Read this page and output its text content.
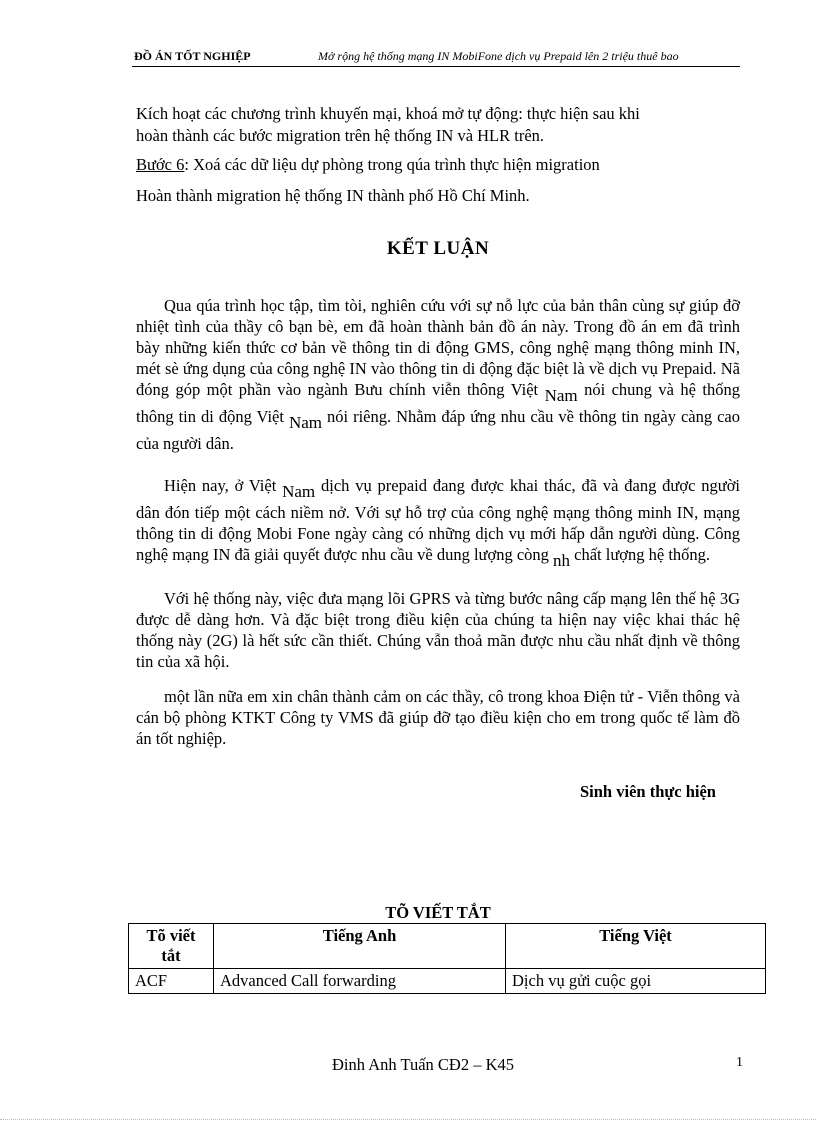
ĐỒ ÁN TỐT NGHIỆP	Mở rộng hệ thống mạng IN MobiFone dịch vụ Prepaid lên 2 triệu thuê bao
Kích hoạt các chương trình khuyến mại, khoá mở tự động: thực hiện sau khi
hoàn thành các bước migration trên hệ thống IN và HLR trên.
Bước 6: Xoá các dữ liệu dự phòng trong qúa trình thực hiện migration
Hoàn thành migration hệ thống IN thành phố Hồ Chí Minh.
KẾT LUẬN

Qua qúa trình học tập, tìm tòi, nghiên cứu với sự nỗ lực của bản thân cùng sự giúp đỡ nhiệt tình của thầy cô bạn bè, em đã hoàn thành bản đồ án này. Trong đồ án em đã trình bày những kiến thức cơ bản về thông tin di động GMS, công nghệ mạng thông minh IN, mét sè ứng dụng của công nghệ IN vào thông tin di động đặc biệt là về dịch vụ Prepaid. Nã đóng góp một phần vào ngành Bưu chính viễn thông Việt Nam nói chung và hệ thống thông tin di động Việt Nam nói riêng. Nhằm đáp ứng nhu cầu về thông tin ngày càng cao của người dân.

Hiện nay, ở Việt Nam dịch vụ prepaid đang được khai thác, đã và đang được người dân đón tiếp một cách niềm nở. Với sự hỗ trợ của công nghệ mạng thông minh IN, mạng thông tin di động Mobi Fone ngày càng có những dịch vụ mới hấp dẫn người dùng. Công nghệ mạng IN đã giải quyết được nhu cầu về dung lượng còng nh chất lượng hệ thống.

Với hệ thống này, việc đưa mạng lõi GPRS và từng bước nâng cấp mạng lên thế hệ 3G được dễ dàng hơn. Và đặc biệt trong điều kiện của chúng ta hiện nay việc khai thác hệ thống này (2G) là hết sức cần thiết. Chúng vẫn thoả mãn được nhu cầu nhất định về thông tin của xã hội.

một lần nữa em xin chân thành cảm on các thầy, cô trong khoa Điện tử - Viễn thông và cán bộ phòng KTKT Công ty VMS đã giúp đỡ tạo điều kiện cho em trong quốc tế làm đồ án tốt nghiệp.

Sinh viên thực hiện
TÕ VIẾT TẮT
Tõ viết tắt	Tiếng Anh	Tiếng Việt
ACF	Advanced Call forwarding	Dịch vụ gửi cuộc gọi
Đinh Anh Tuấn CĐ2 – K45	1
